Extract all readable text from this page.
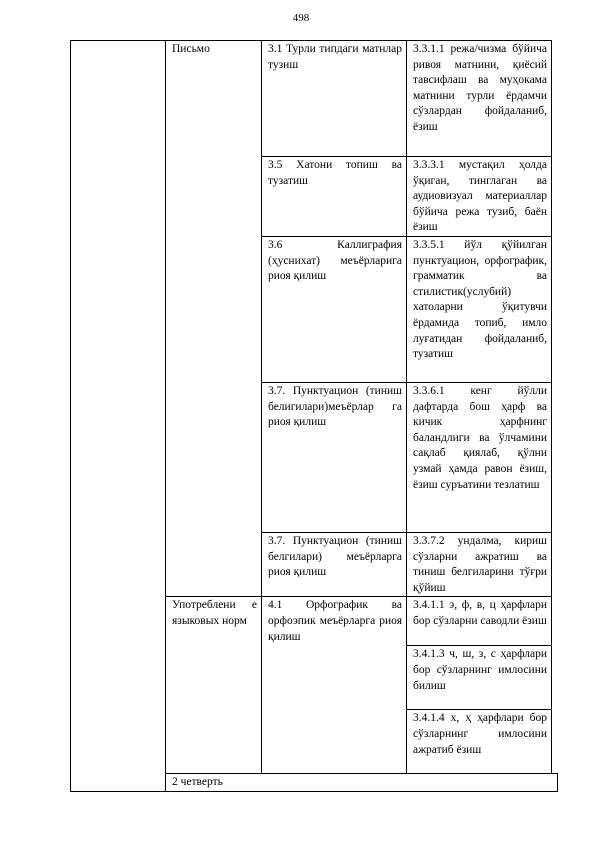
498
	Письмо	3.1 Турли типдаги матнлар тузиш	3.3.1.1 режа/чизма бўйича ривоя матнини, қиёсий тавсифлаш ва муҳокама матнини турли ёрдамчи сўзлардан фойдаланиб, ёзиш
		3.5 Хатони топиш ва тузатиш	3.3.3.1 мустақил ҳолда ўқиган, тинглаган ва аудиовизуал материаллар бўйича режа тузиб, баён ёзиш
		3.6 Каллиграфия (ҳуснихат) меъёрларига риоя қилиш	3.3.5.1 йўл қўйилган пунктуацион, орфографик, грамматик ва стилистик(услубий) хатоларни ўқитувчи ёрдамида топиб, имло луғатидан фойдаланиб, тузатиш
		3.7. Пунктуацион (тиниш белигилари)меъёрлар га риоя қилиш	3.3.6.1 кенг йўлли дафтарда бош ҳарф ва кичик ҳарфнинг баландлиги ва ўлчамини сақлаб қиялаб, қўлни узмай ҳамда равон ёзиш, ёзиш суръатини тезлатиш
		3.7. Пунктуацион (тиниш белгилари) меъёрларга риоя қилиш	3.3.7.2 ундалма, кириш сўзларни ажратиш ва тиниш белгиларини тўғри қўйиш
	Употреблени е языковых норм	4.1 Орфографик ва орфоэпик меъёрларга риоя қилиш	3.4.1.1 э, ф, в, ц ҳарфлари бор сўзларни саводли ёзиш
			3.4.1.3 ч, ш, з, с ҳарфлари бор сўзларнинг имлосини билиш
			3.4.1.4 х, ҳ ҳарфлари бор сўзларнинг имлосини ажратиб ёзиш
	2 четверть		
